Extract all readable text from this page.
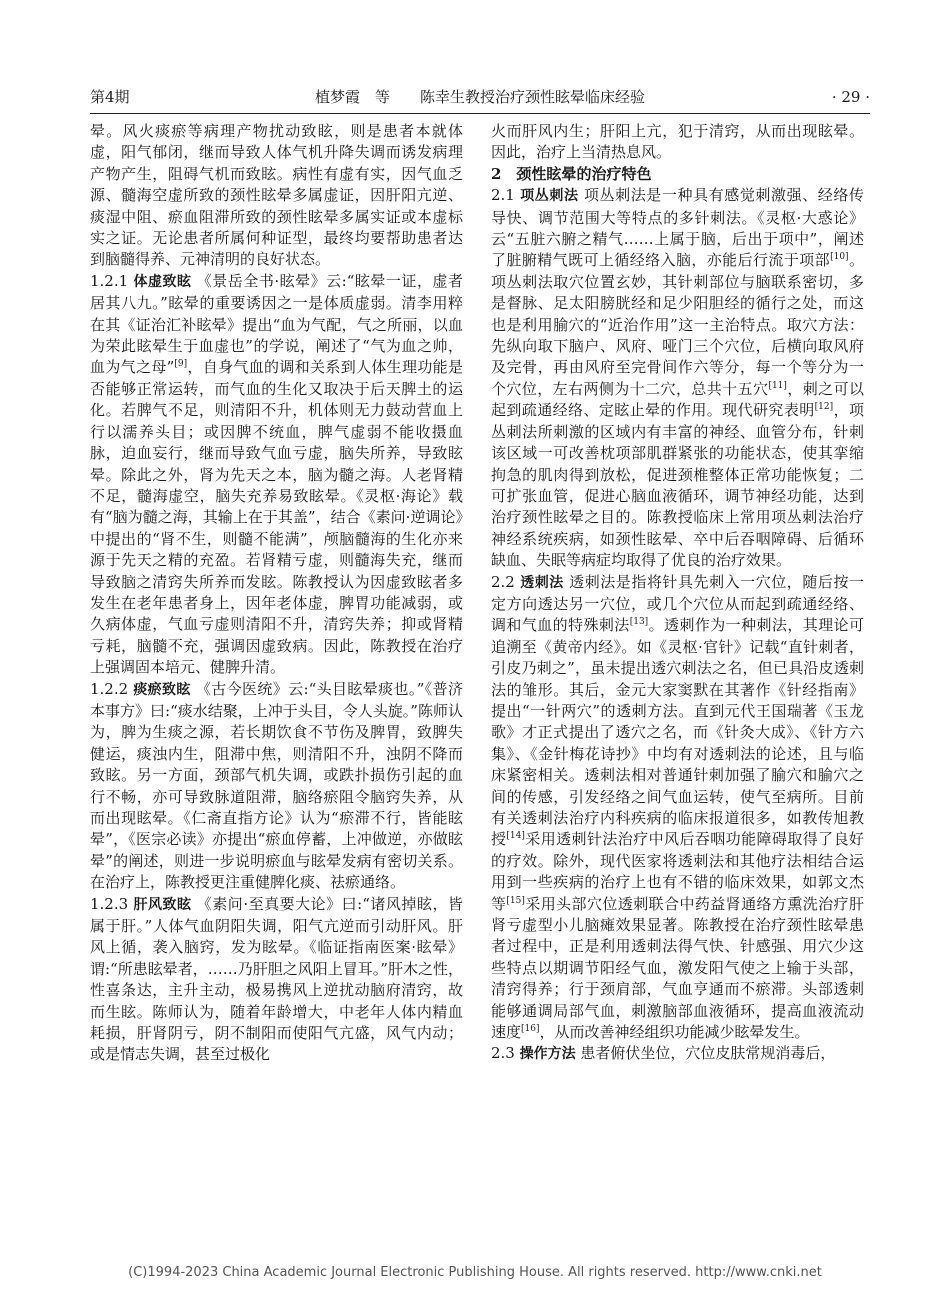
第4期	植梦霞　等　　 陈幸生教授治疗颈性眩晕临床经验	· 29 ·

晕。风火痰瘀等病理产物扰动致眩，则是患者本就体虚，阳气郁闭，继而导致人体气机升降失调而诱发病理产物产生，阻碍气机而致眩。病性有虚有实，因气血乏源、髓海空虚所致的颈性眩晕多属虚证，因肝阳亢逆、痰湿中阻、瘀血阻滞所致的颈性眩晕多属实证或本虚标实之证。无论患者所属何种证型，最终均要帮助患者达到脑髓得养、元神清明的良好状态。

1.2.1 体虚致眩 《景岳全书·眩晕》云:“眩晕一证，虚者居其八九。”眩晕的重要诱因之一是体质虚弱。清李用粹在其《证治汇补眩晕》提出“血为气配，气之所丽，以血为荣此眩晕生于血虚也”的学说，阐述了“气为血之帅，血为气之母”[9]，自身气血的调和关系到人体生理功能是否能够正常运转，而气血的生化又取决于后天脾土的运化。若脾气不足，则清阳不升，机体则无力鼓动营血上行以濡养头目；或因脾不统血，脾气虚弱不能收摄血脉，迫血妄行，继而导致气血亏虚，脑失所养，导致眩晕。除此之外，肾为先天之本，脑为髓之海。人老肾精不足，髓海虚空，脑失充养易致眩晕。《灵枢·海论》载有“脑为髓之海，其输上在于其盖”，结合《素问·逆调论》中提出的“肾不生，则髓不能满”，颅脑髓海的生化亦来源于先天之精的充盈。若肾精亏虚，则髓海失充，继而导致脑之清窍失所养而发眩。陈教授认为因虚致眩者多发生在老年患者身上，因年老体虚，脾胃功能减弱，或久病体虚，气血亏虚则清阳不升，清窍失养；抑或肾精亏耗，脑髓不充，强调因虚致病。因此，陈教授在治疗上强调固本培元、健脾升清。

1.2.2 痰瘀致眩 《古今医统》云:“头目眩晕痰也。”《普济本事方》曰:“痰水结聚，上冲于头目，令人头旋。”陈师认为，脾为生痰之源，若长期饮食不节伤及脾胃，致脾失健运，痰浊内生，阻滞中焦，则清阳不升，浊阴不降而致眩。另一方面，颈部气机失调，或跌扑损伤引起的血行不畅，亦可导致脉道阻滞，脑络瘀阻令脑窍失养，从而出现眩晕。《仁斋直指方论》认为“瘀滞不行，皆能眩晕”，《医宗必读》亦提出“瘀血停蓄，上冲做逆，亦做眩晕”的阐述，则进一步说明瘀血与眩晕发病有密切关系。在治疗上，陈教授更注重健脾化痰、祛瘀通络。

1.2.3 肝风致眩 《素问·至真要大论》曰:“诸风掉眩，皆属于肝。”人体气血阴阳失调，阳气亢逆而引动肝风。肝风上循，袭入脑窍，发为眩晕。《临证指南医案·眩晕》谓:“所患眩晕者，……乃肝胆之风阳上冒耳。”肝木之性，性喜条达，主升主动，极易携风上逆扰动脑府清窍，故而生眩。陈师认为，随着年龄增大，中老年人体内精血耗损，肝肾阴亏，阴不制阳而使阳气亢盛，风气内动；或是情志失调，甚至过极化

火而肝风内生；肝阳上亢，犯于清窍，从而出现眩晕。因此，治疗上当清热息风。

2　颈性眩晕的治疗特色

2.1 项丛刺法 项丛刺法是一种具有感觉刺激强、经络传导快、调节范围大等特点的多针刺法。《灵枢·大惑论》云“五脏六腑之精气……上属于脑，后出于项中”，阐述了脏腑精气既可上循经络入脑，亦能后行流于项部[10]。项丛刺法取穴位置玄妙，其针刺部位与脑联系密切，多是督脉、足太阳膀胱经和足少阳胆经的循行之处，而这也是利用腧穴的“近治作用”这一主治特点。取穴方法：先纵向取下脑户、风府、哑门三个穴位，后横向取风府及完骨，再由风府至完骨间作六等分，每一个等分为一个穴位，左右两侧为十二穴，总共十五穴[11]，刺之可以起到疏通经络、定眩止晕的作用。现代研究表明[12]，项丛刺法所刺激的区域内有丰富的神经、血管分布，针刺该区域一可改善枕项部肌群紧张的功能状态，使其挛缩拘急的肌肉得到放松，促进颈椎整体正常功能恢复；二可扩张血管，促进心脑血液循环，调节神经功能，达到治疗颈性眩晕之目的。陈教授临床上常用项丛刺法治疗神经系统疾病，如颈性眩晕、卒中后吞咽障碍、后循环缺血、失眠等病症均取得了优良的治疗效果。

2.2 透刺法 透刺法是指将针具先刺入一穴位，随后按一定方向透达另一穴位，或几个穴位从而起到疏通经络、调和气血的特殊刺法[13]。透刺作为一种刺法，其理论可追溯至《黄帝内经》。如《灵枢·官针》记载“直针刺者，引皮乃刺之”，虽未提出透穴刺法之名，但已具沿皮透刺法的雏形。其后，金元大家窦默在其著作《针经指南》提出“一针两穴”的透刺方法。直到元代王国瑞著《玉龙歌》才正式提出了透穴之名，而《针灸大成》、《针方六集》、《金针梅花诗抄》中均有对透刺法的论述，且与临床紧密相关。透刺法相对普通针刺加强了腧穴和腧穴之间的传感，引发经络之间气血运转，使气至病所。目前有关透刺法治疗内科疾病的临床报道很多，如教传旭教授[14]采用透刺针法治疗中风后吞咽功能障碍取得了良好的疗效。除外，现代医家将透刺法和其他疗法相结合运用到一些疾病的治疗上也有不错的临床效果，如郭文杰等[15]采用头部穴位透刺联合中药益肾通络方熏洗治疗肝肾亏虚型小儿脑瘫效果显著。陈教授在治疗颈性眩晕患者过程中，正是利用透刺法得气快、针感强、用穴少这些特点以期调节阳经气血，激发阳气使之上输于头部，清窍得养；行于颈肩部，气血亨通而不瘀滞。头部透刺能够通调局部气血，刺激脑部血液循环，提高血液流动速度[16]，从而改善神经组织功能减少眩晕发生。

2.3 操作方法 患者俯伏坐位，穴位皮肤常规消毒后，

(C)1994-2023 China Academic Journal Electronic Publishing House. All rights reserved. http://www.cnki.net
